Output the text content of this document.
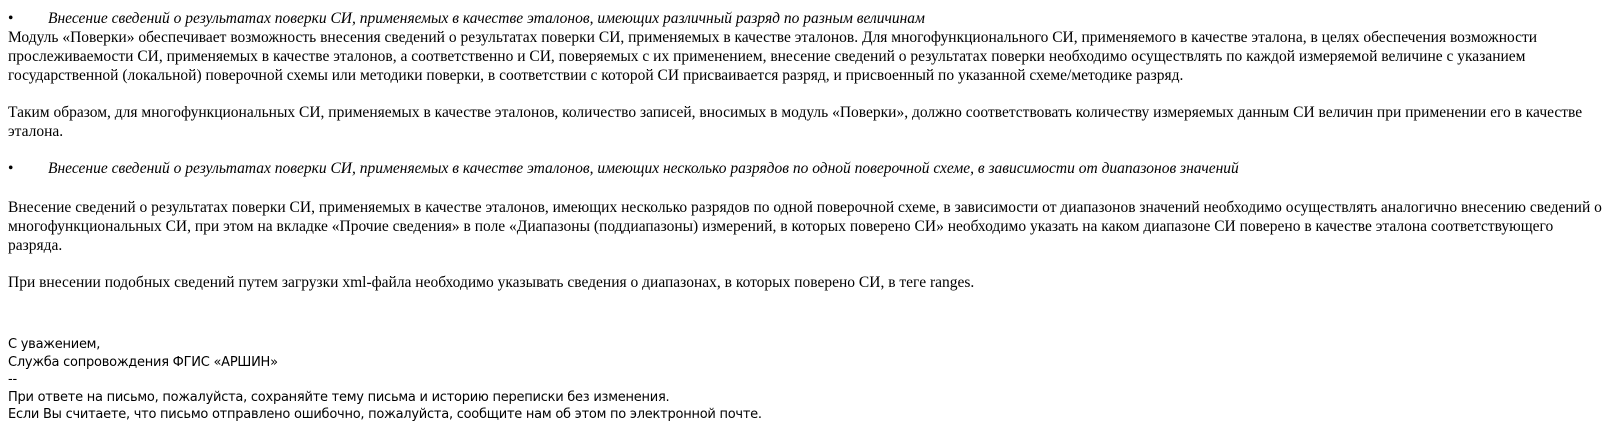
• Внесение сведений о результатах поверки СИ, применяемых в качестве эталонов, имеющих различный разряд по разным величинам

Модуль «Поверки» обеспечивает возможность внесения сведений о результатах поверки СИ, применяемых в качестве эталонов. Для многофункционального СИ, применяемого в качестве эталона, в целях обеспечения возможности прослеживаемости СИ, применяемых в качестве эталонов, а соответственно и СИ, поверяемых с их применением, внесение сведений о результатах поверки необходимо осуществлять по каждой измеряемой величине с указанием государственной (локальной) поверочной схемы или методики поверки, в соответствии с которой СИ присваивается разряд, и присвоенный по указанной схеме/методике разряд.

Таким образом, для многофункциональных СИ, применяемых в качестве эталонов, количество записей, вносимых в модуль «Поверки», должно соответствовать количеству измеряемых данным СИ величин при применении его в качестве эталона.

• Внесение сведений о результатах поверки СИ, применяемых в качестве эталонов, имеющих несколько разрядов по одной поверочной схеме, в зависимости от диапазонов значений

Внесение сведений о результатах поверки СИ, применяемых в качестве эталонов, имеющих несколько разрядов по одной поверочной схеме, в зависимости от диапазонов значений необходимо осуществлять аналогично внесению сведений о многофункциональных СИ, при этом на вкладке «Прочие сведения» в поле «Диапазоны (поддиапазоны) измерений, в которых поверено СИ» необходимо указать на каком диапазоне СИ поверено в качестве эталона соответствующего разряда.

При внесении подобных сведений путем загрузки xml-файла необходимо указывать сведения о диапазонах, в которых поверено СИ, в теге ranges.

С уважением,
Служба сопровождения ФГИС «АРШИН»
--
При ответе на письмо, пожалуйста, сохраняйте тему письма и историю переписки без изменения.
Если Вы считаете, что письмо отправлено ошибочно, пожалуйста, сообщите нам об этом по электронной почте.
